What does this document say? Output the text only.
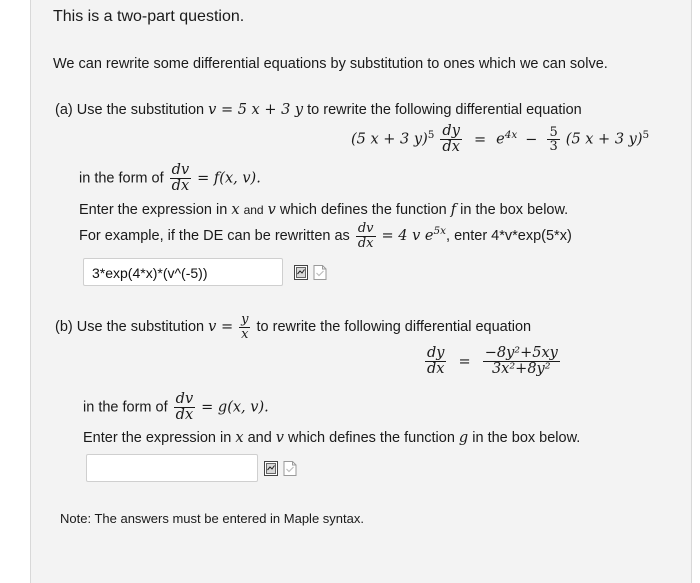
This is a two-part question.
We can rewrite some differential equations by substitution to ones which we can solve.
(a) Use the substitution v = 5 x + 3 y to rewrite the following differential equation
(5 x + 3 $y)^5 \frac{dy}{dx} = e^{4x} - \frac{5}{3} (5$ x + 3 y)$^5$
in the form of $\frac{dv}{dx} = f(x$, v).
Enter the expression in x and v which defines the function f in the box below.
For example, if the DE can be rewritten as $\frac{dv}{dx} = 4$ v $e^{5x}$, enter 4*v*exp(5*x)
3*exp(4*x)*(v^(-5))
(b) Use the substitution $v = \frac{y}{x}$ to rewrite the following differential equation
$\frac{dy}{dx} = \frac{\text{−8y²+5xy}}{\text{3x²+8y²}}$
in the form of $\frac{dv}{dx} = g(x$, v).
Enter the expression in x and v which defines the function g in the box below.
Note: The answers must be entered in Maple syntax.
